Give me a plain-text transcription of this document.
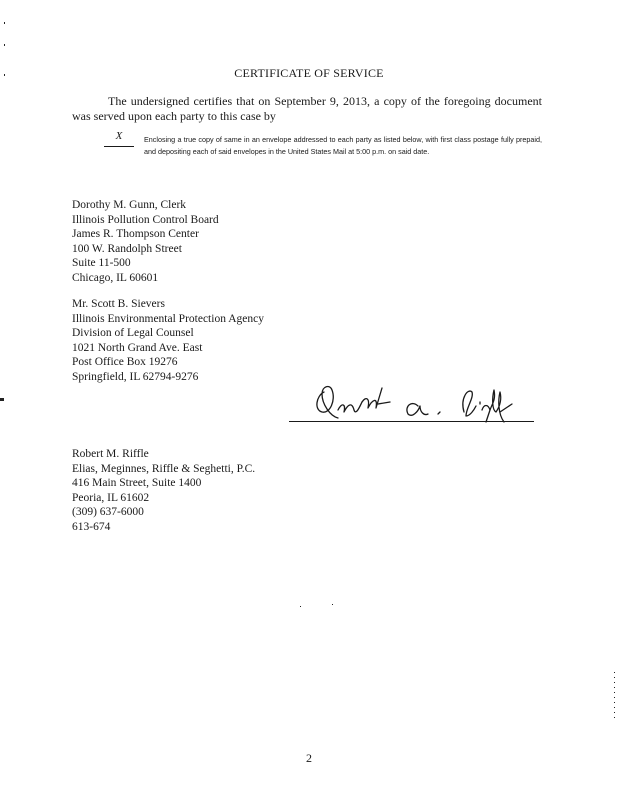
CERTIFICATE OF SERVICE
The undersigned certifies that on September 9, 2013, a copy of the foregoing document was served upon each party to this case by
X	Enclosing a true copy of same in an envelope addressed to each party as listed below, with first class postage fully prepaid, and depositing each of said envelopes in the United States Mail at 5:00 p.m. on said date.
Dorothy M. Gunn, Clerk
Illinois Pollution Control Board
James R. Thompson Center
100 W. Randolph Street
Suite 11-500
Chicago, IL 60601
Mr. Scott B. Sievers
Illinois Environmental Protection Agency
Division of Legal Counsel
1021 North Grand Ave. East
Post Office Box 19276
Springfield, IL 62794-9276
Robert M. Riffle
Elias, Meginnes, Riffle & Seghetti, P.C.
416 Main Street, Suite 1400
Peoria, IL 61602
(309) 637-6000
613-674
2
